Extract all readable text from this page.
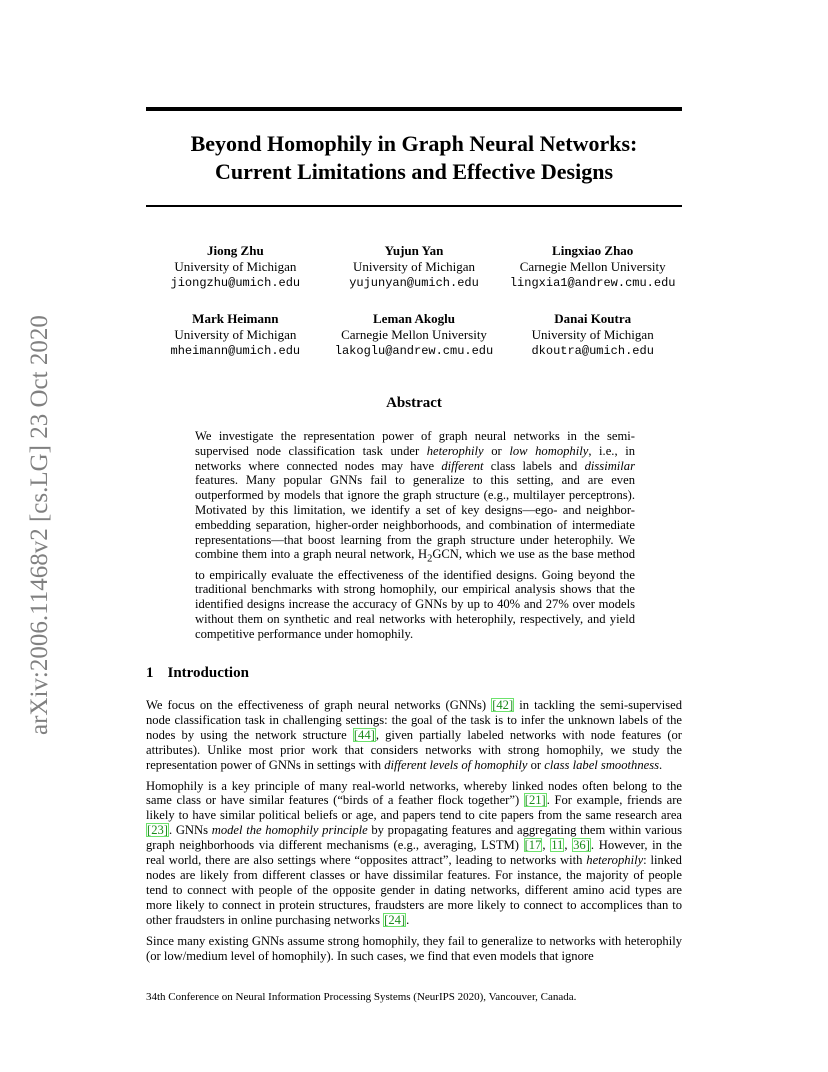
arXiv:2006.11468v2 [cs.LG] 23 Oct 2020
Beyond Homophily in Graph Neural Networks:
Current Limitations and Effective Designs
Jiong Zhu
University of Michigan
jiongzhu@umich.edu
Yujun Yan
University of Michigan
yujunyan@umich.edu
Lingxiao Zhao
Carnegie Mellon University
lingxia1@andrew.cmu.edu
Mark Heimann
University of Michigan
mheimann@umich.edu
Leman Akoglu
Carnegie Mellon University
lakoglu@andrew.cmu.edu
Danai Koutra
University of Michigan
dkoutra@umich.edu
Abstract
We investigate the representation power of graph neural networks in the semi-supervised node classification task under heterophily or low homophily, i.e., in networks where connected nodes may have different class labels and dissimilar features. Many popular GNNs fail to generalize to this setting, and are even outperformed by models that ignore the graph structure (e.g., multilayer perceptrons). Motivated by this limitation, we identify a set of key designs—ego- and neighbor-embedding separation, higher-order neighborhoods, and combination of intermediate representations—that boost learning from the graph structure under heterophily. We combine them into a graph neural network, $H_2GCN$, which we use as the base method to empirically evaluate the effectiveness of the identified designs. Going beyond the traditional benchmarks with strong homophily, our empirical analysis shows that the identified designs increase the accuracy of GNNs by up to 40% and 27% over models without them on synthetic and real networks with heterophily, respectively, and yield competitive performance under homophily.
1 Introduction

We focus on the effectiveness of graph neural networks (GNNs) [42] in tackling the semi-supervised node classification task in challenging settings: the goal of the task is to infer the unknown labels of the nodes by using the network structure [44], given partially labeled networks with node features (or attributes). Unlike most prior work that considers networks with strong homophily, we study the representation power of GNNs in settings with different levels of homophily or class label smoothness.

Homophily is a key principle of many real-world networks, whereby linked nodes often belong to the same class or have similar features (“birds of a feather flock together”) [21]. For example, friends are likely to have similar political beliefs or age, and papers tend to cite papers from the same research area [23]. GNNs model the homophily principle by propagating features and aggregating them within various graph neighborhoods via different mechanisms (e.g., averaging, LSTM) [17, 11, 36]. However, in the real world, there are also settings where “opposites attract”, leading to networks with heterophily: linked nodes are likely from different classes or have dissimilar features. For instance, the majority of people tend to connect with people of the opposite gender in dating networks, different amino acid types are more likely to connect in protein structures, fraudsters are more likely to connect to accomplices than to other fraudsters in online purchasing networks [24].

Since many existing GNNs assume strong homophily, they fail to generalize to networks with heterophily (or low/medium level of homophily). In such cases, we find that even models that ignore

34th Conference on Neural Information Processing Systems (NeurIPS 2020), Vancouver, Canada.
